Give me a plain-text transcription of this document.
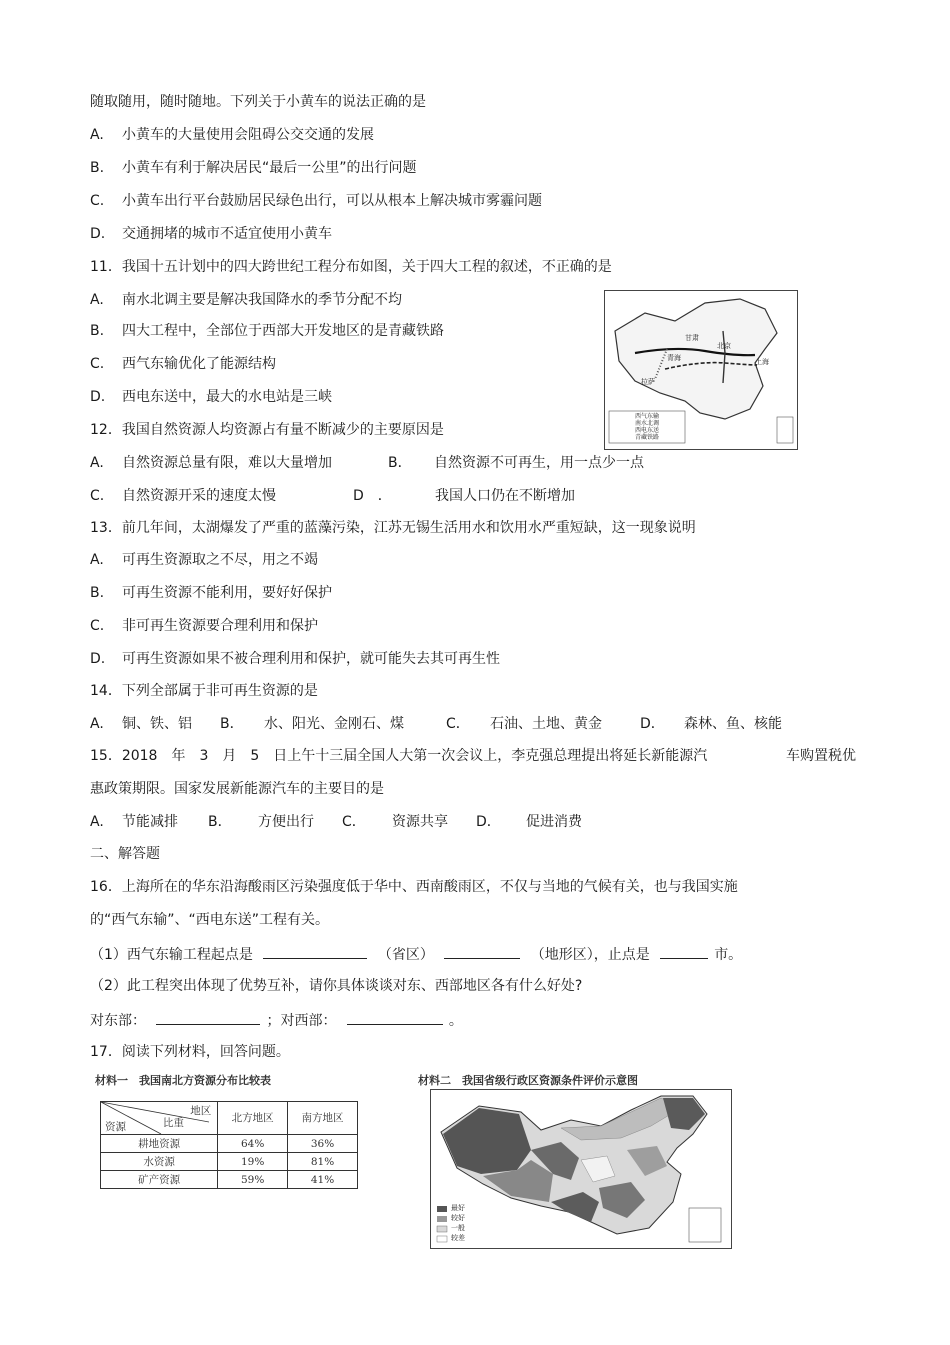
随取随用，随时随地。下列关于小黄车的说法正确的是
A. 小黄车的大量使用会阻碍公交交通的发展
B. 小黄车有利于解决居民“最后一公里”的出行问题
C. 小黄车出行平台鼓励居民绿色出行，可以从根本上解决城市雾霾问题
D. 交通拥堵的城市不适宜使用小黄车
11．我国十五计划中的四大跨世纪工程分布如图，关于四大工程的叙述，不正确的是
A. 南水北调主要是解决我国降水的季节分配不均
B. 四大工程中，全部位于西部大开发地区的是青藏铁路
C. 西气东输优化了能源结构
D. 西电东送中，最大的水电站是三峡
北京
上海
青海
甘肃
拉萨
西气东输
南水北调
西电东送
青藏铁路
12．我国自然资源人均资源占有量不断减少的主要原因是
A. 自然资源总量有限，难以大量增加	B． 自然资源不可再生，用一点少一点
C. 自然资源开采的速度太慢	D　．	我国人口仍在不断增加
13．前几年间，太湖爆发了严重的蓝藻污染，江苏无锡生活用水和饮用水严重短缺，这一现象说明
A. 可再生资源取之不尽，用之不竭
B. 可再生资源不能利用，要好好保护
C. 非可再生资源要合理利用和保护
D. 可再生资源如果不被合理利用和保护，就可能失去其可再生性
14．下列全部属于非可再生资源的是
A. 铜、铁、铝 B． 水、阳光、金刚石、煤	C． 石油、土地、黄金	D． 森林、鱼、核能
15．2018　年　3　月　5　日上午十三届全国人大第一次会议上，李克强总理提出将延长新能源汽	车购置税优
惠政策期限。国家发展新能源汽车的主要目的是
A. 节能减排 B． 方便出行 C． 资源共享 D． 促进消费
二、解答题
16．上海所在的华东沿海酸雨区污染强度低于华中、西南酸雨区，不仅与当地的气候有关，也与我国实施
的“西气东输”、“西电东送”工程有关。
（1）西气东输工程起点是	（省区）	（地形区），止点是	市。
（2）此工程突出体现了优势互补，请你具体谈谈对东、西部地区各有什么好处?
对东部：	；对西部：	。
17．阅读下列材料，回答问题。
材料一　我国南北方资源分布比较表
地区
比重
资源	北方地区	南方地区
耕地资源	64%	36%
水资源	19%	81%
矿产资源	59%	41%
材料二　我国省级行政区资源条件评价示意图
最好
较好
一般
较差
